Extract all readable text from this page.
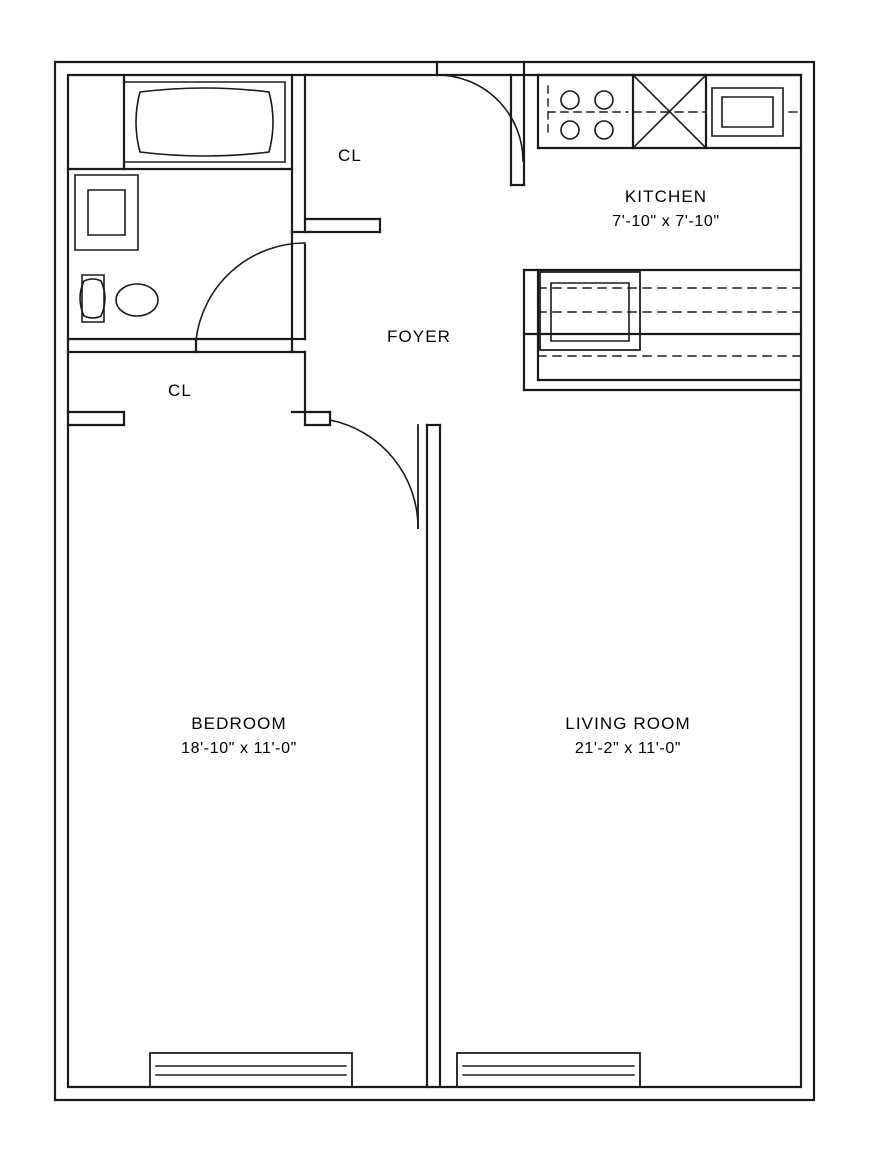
KITCHEN
7'-10" x 7'-10"
FOYER
BEDROOM
18'-10" x 11'-0"
LIVING ROOM
21'-2" x 11'-0"
CL
CL
